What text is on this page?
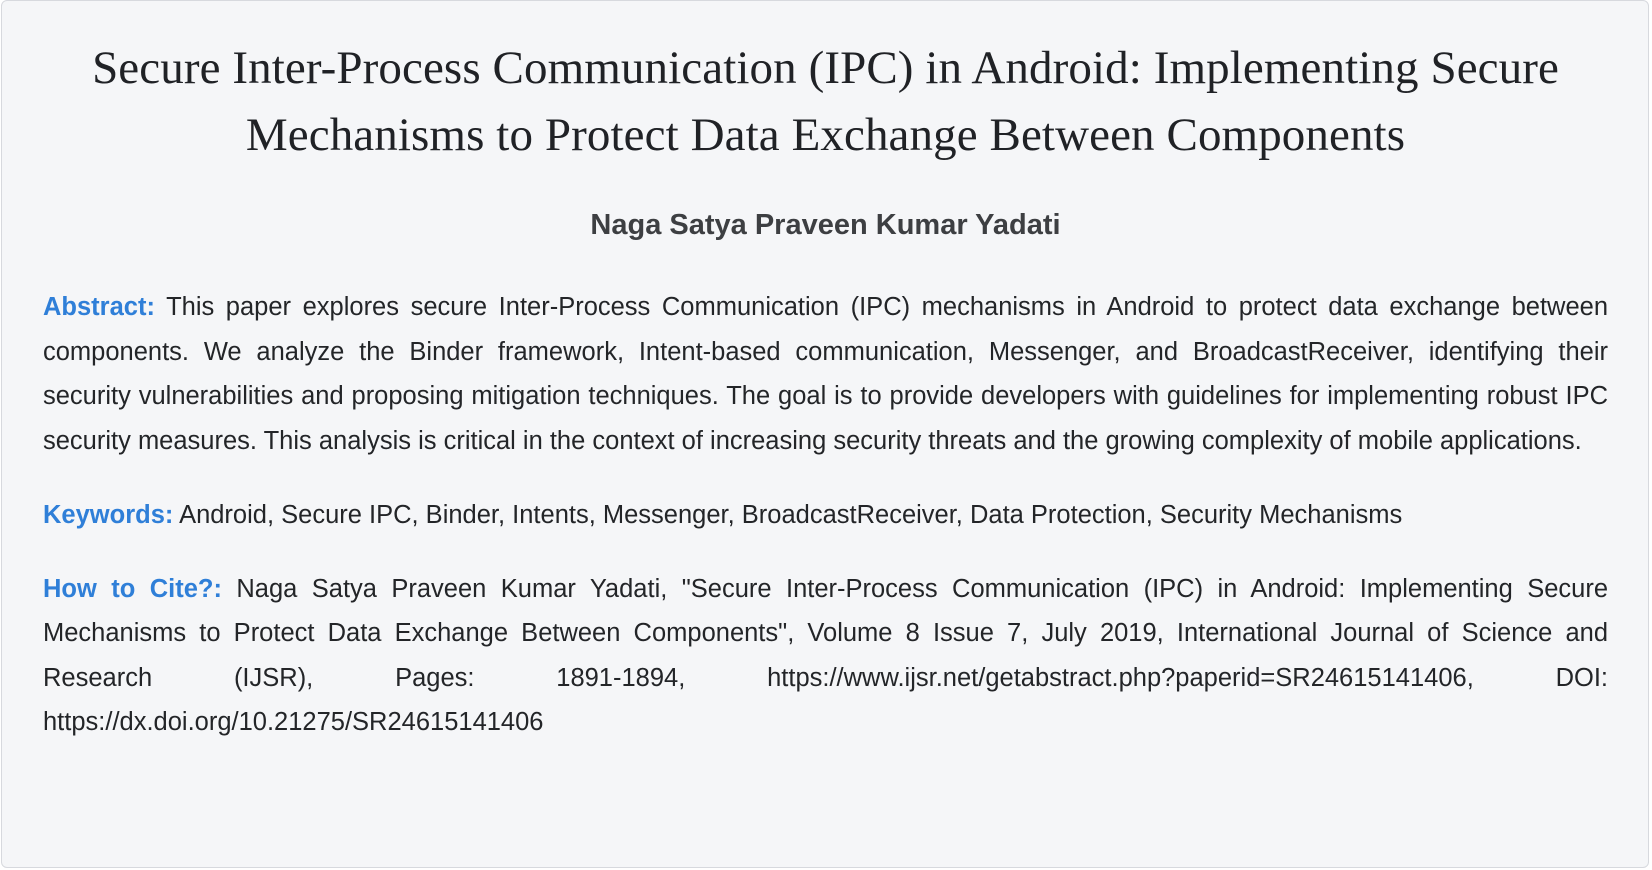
Secure Inter-Process Communication (IPC) in Android: Implementing Secure Mechanisms to Protect Data Exchange Between Components
Naga Satya Praveen Kumar Yadati

Abstract: This paper explores secure Inter-Process Communication (IPC) mechanisms in Android to protect data exchange between components. We analyze the Binder framework, Intent-based communication, Messenger, and BroadcastReceiver, identifying their security vulnerabilities and proposing mitigation techniques. The goal is to provide developers with guidelines for implementing robust IPC security measures. This analysis is critical in the context of increasing security threats and the growing complexity of mobile applications.

Keywords: Android, Secure IPC, Binder, Intents, Messenger, BroadcastReceiver, Data Protection, Security Mechanisms

How to Cite?: Naga Satya Praveen Kumar Yadati, "Secure Inter-Process Communication (IPC) in Android: Implementing Secure Mechanisms to Protect Data Exchange Between Components", Volume 8 Issue 7, July 2019, International Journal of Science and Research (IJSR), Pages: 1891-1894, https://www.ijsr.net/getabstract.php?paperid=SR24615141406, DOI: https://dx.doi.org/10.21275/SR24615141406
